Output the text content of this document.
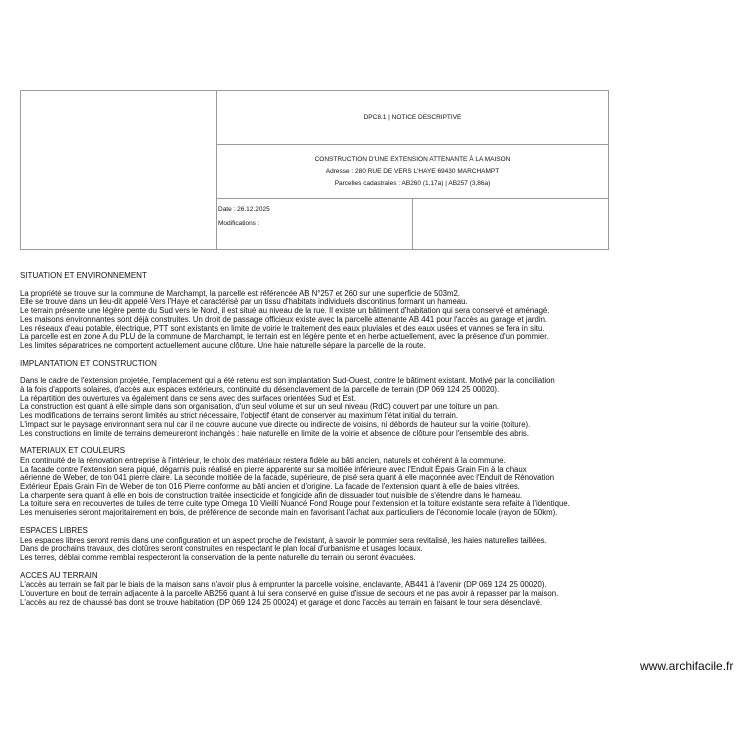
DPC8.1 | NOTICE DESCRIPTIVE
CONSTRUCTION D'UNE EXTENSION ATTENANTE À LA MAISON
Adresse : 280 RUE DE VERS L'HAYE 69430 MARCHAMPT
Parcelles cadastrales : AB260 (1,17a) | AB257 (3,86a)
Date : 26.12.2025
Modifications :
SITUATION ET ENVIRONNEMENT

La propriété se trouve sur la commune de Marchampt, la parcelle est référencée AB N°257 et 260 sur une superficie de 503m2.

Elle se trouve dans un lieu-dit appelé Vers l'Haye et caractérisé par un tissu d'habitats individuels discontinus formant un hameau.

Le terrain présente une légère pente du Sud vers le Nord, il est situé au niveau de la rue. Il existe un bâtiment d'habitation qui sera conservé et aménagé.

Les maisons environnantes sont déjà construites. Un droit de passage officieux existe avec la parcelle attenante AB 441 pour l'accès au garage et jardin.

Les réseaux d'eau potable, électrique, PTT sont existants en limite de voirie le traitement des eaux pluviales et des eaux usées et vannes se fera in situ.

La parcelle est en zone A du PLU de la commune de Marchampt, le terrain est en légère pente et en herbe actuellement, avec la présence d'un pommier.

Les limites séparatrices ne comportent actuellement aucune clôture. Une haie naturelle sépare la parcelle de la route.

IMPLANTATION ET CONSTRUCTION

Dans le cadre de l'extension projetée, l'emplacement qui a été retenu est son implantation Sud-Ouest, contre le bâtiment existant. Motivé par la conciliation

à la fois d'apports solaires, d'accès aux espaces extérieurs, continuité du désenclavement de la parcelle de terrain (DP 069 124 25 00020).

La répartition des ouvertures va également dans ce sens avec des surfaces orientées Sud et Est.

La construction est quant à elle simple dans son organisation, d'un seul volume et sur un seul niveau (RdC) couvert par une toiture un pan.

Les modifications de terrains seront limités au strict nécessaire, l'objectif étant de conserver au maximum l'état initial du terrain.

L'impact sur le paysage environnant sera nul car il ne couvre aucune vue directe ou indirecte de voisins, ni débords de hauteur sur la voirie (toiture).

Les constructions en limite de terrains demeureront inchangés : haie naturelle en limite de la voirie et absence de clôture pour l'ensemble des abris.

MATERIAUX ET COULEURS

En continuité de la rénovation entreprise à l'intérieur, le choix des matériaux restera fidèle au bâti ancien, naturels et cohérent à la commune.

La facade contre l'extension sera piqué, dégarnis puis réalisé en pierre apparente sur sa moitiée inférieure avec l'Enduit Épais Grain Fin à la chaux

aérienne de Weber, de ton 041 pierre claire. La seconde moitiée de la facade, supérieure, de pisé sera quant à elle maçonnée avec l'Enduit de Rénovation

Extérieur Épais Grain Fin de Weber de ton 016 Pierre conforme au bâti ancien et d'origine. La facade de l'extension quant à elle de baies vitrées.

La charpente sera quant à elle en bois de construction traitée insecticide et fongicide afin de dissuader tout nuisible de s'étendre dans le hameau.

La toiture sera en recouvertes de tuiles de terre cuite type Omega 10 Vieilli Nuancé Fond Rouge pour l'extension et la toiture existante sera refaite à l'identique.

Les menuiseries seront majoritairement en bois, de préférence de seconde main en favorisant l'achat aux particuliers de l'économie locale (rayon de 50km).

ESPACES LIBRES

Les espaces libres seront remis dans une configuration et un aspect proche de l'existant, à savoir le pommier sera revitalisé, les haies naturelles taillées.

Dans de prochains travaux, des clotûres seront construites en respectant le plan local d'urbanisme et usages locaux.

Les terres, déblai comme remblai respecteront la conservation de la pente naturelle du terrain ou seront évacuées.

ACCES AU TERRAIN

L'accès au terrain se fait par le biais de la maison sans n'avoir plus à emprunter la parcelle voisine, enclavante, AB441 à l'avenir (DP 069 124 25 00020).

L'ouverture en bout de terrain adjacente à la parcelle AB256 quant à lui sera conservé en guise d'issue de secours et ne pas avoir à repasser par la maison.

L'accès au rez de chaussé bas dont se trouve habitation (DP 069 124 25 00024) et garage et donc l'accès au terrain en faisant le tour sera désenclavé.

www.archifacile.fr
